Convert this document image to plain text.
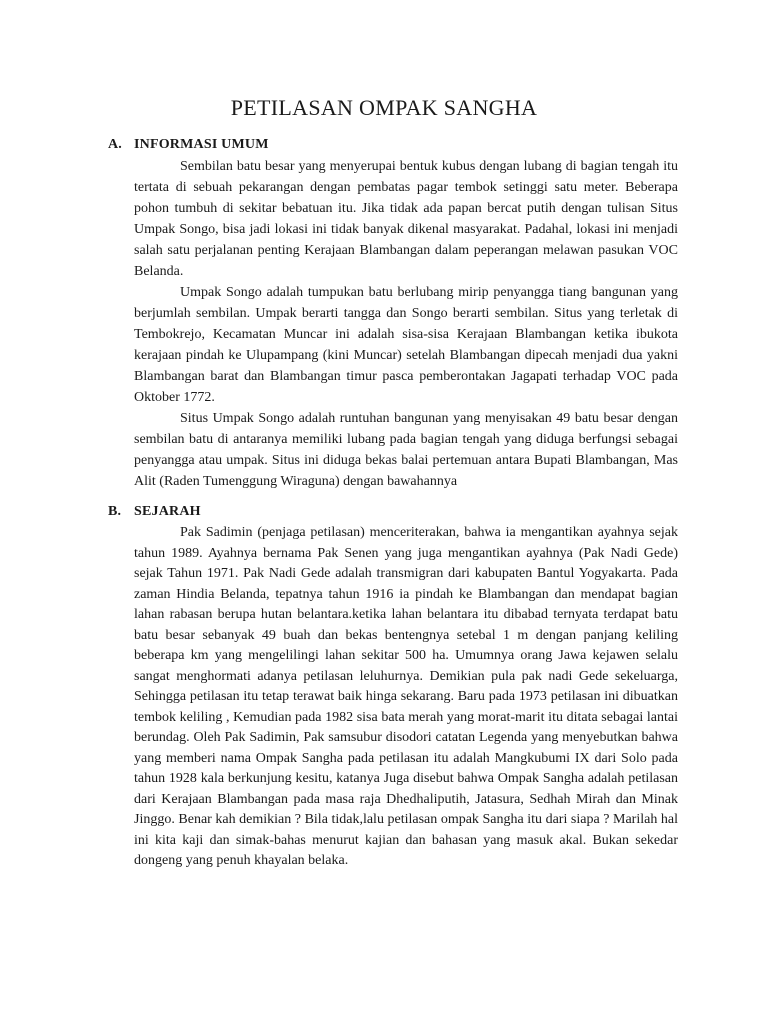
PETILASAN OMPAK SANGHA
A. INFORMASI UMUM

Sembilan batu besar yang menyerupai bentuk kubus dengan lubang di bagian tengah itu tertata di sebuah pekarangan dengan pembatas pagar tembok setinggi satu meter. Beberapa pohon tumbuh di sekitar bebatuan itu. Jika tidak ada papan bercat putih dengan tulisan Situs Umpak Songo, bisa jadi lokasi ini tidak banyak dikenal masyarakat. Padahal, lokasi ini menjadi salah satu perjalanan penting Kerajaan Blambangan dalam peperangan melawan pasukan VOC Belanda.

Umpak Songo adalah tumpukan batu berlubang mirip penyangga tiang bangunan yang berjumlah sembilan. Umpak berarti tangga dan Songo berarti sembilan. Situs yang terletak di Tembokrejo, Kecamatan Muncar ini adalah sisa-sisa Kerajaan Blambangan ketika ibukota kerajaan pindah ke Ulupampang (kini Muncar) setelah Blambangan dipecah menjadi dua yakni Blambangan barat dan Blambangan timur pasca pemberontakan Jagapati terhadap VOC pada Oktober 1772.

Situs Umpak Songo adalah runtuhan bangunan yang menyisakan 49 batu besar dengan sembilan batu di antaranya memiliki lubang pada bagian tengah yang diduga berfungsi sebagai penyangga atau umpak. Situs ini diduga bekas balai pertemuan antara Bupati Blambangan, Mas Alit (Raden Tumenggung Wiraguna) dengan bawahannya

B. SEJARAH

Pak Sadimin (penjaga petilasan) menceriterakan, bahwa ia mengantikan ayahnya sejak tahun 1989. Ayahnya bernama Pak Senen yang juga mengantikan ayahnya (Pak Nadi Gede) sejak Tahun 1971. Pak Nadi Gede adalah transmigran dari kabupaten Bantul Yogyakarta. Pada zaman Hindia Belanda, tepatnya tahun 1916 ia pindah ke Blambangan dan mendapat bagian lahan rabasan berupa hutan belantara.ketika lahan belantara itu dibabad ternyata terdapat batu batu besar sebanyak 49 buah dan bekas bentengnya setebal 1 m dengan panjang keliling beberapa km yang mengelilingi lahan sekitar 500 ha. Umumnya orang Jawa kejawen selalu sangat menghormati adanya petilasan leluhurnya. Demikian pula pak nadi Gede sekeluarga, Sehingga petilasan itu tetap terawat baik hinga sekarang. Baru pada 1973 petilasan ini dibuatkan tembok keliling , Kemudian pada 1982 sisa bata merah yang morat-marit itu ditata sebagai lantai berundag. Oleh Pak Sadimin, Pak samsubur disodori catatan Legenda yang menyebutkan bahwa yang memberi nama Ompak Sangha pada petilasan itu adalah Mangkubumi IX dari Solo pada tahun 1928 kala berkunjung kesitu, katanya Juga disebut bahwa Ompak Sangha adalah petilasan dari Kerajaan Blambangan pada masa raja Dhedhaliputih, Jatasura, Sedhah Mirah dan Minak Jinggo. Benar kah demikian ? Bila tidak,lalu petilasan ompak Sangha itu dari siapa ? Marilah hal ini kita kaji dan simak-bahas menurut kajian dan bahasan yang masuk akal. Bukan sekedar dongeng yang penuh khayalan belaka.
